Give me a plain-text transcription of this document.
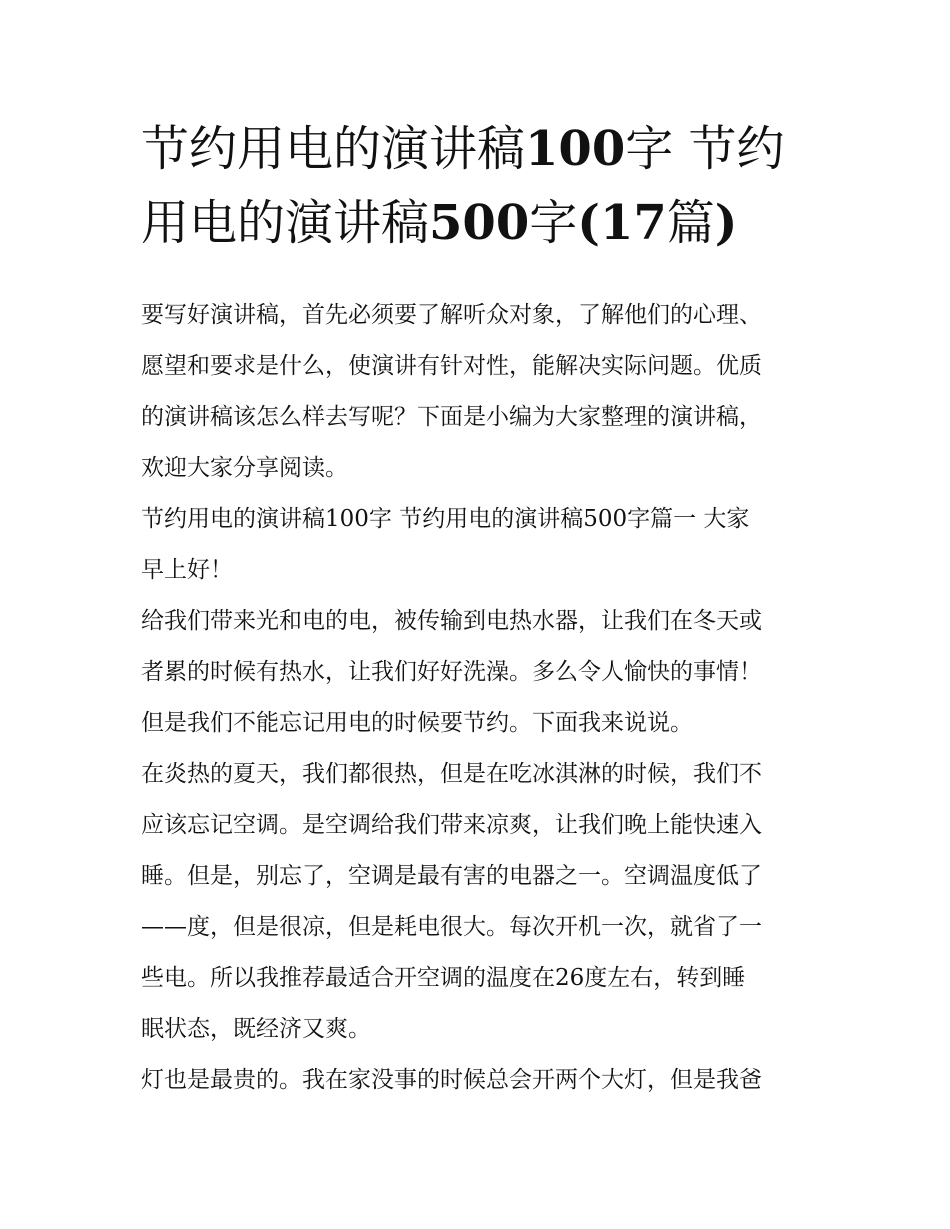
节约用电的演讲稿100字 节约
用电的演讲稿500字(17篇)

要写好演讲稿，首先必须要了解听众对象，了解他们的心理、
愿望和要求是什么，使演讲有针对性，能解决实际问题。优质
的演讲稿该怎么样去写呢？下面是小编为大家整理的演讲稿，
欢迎大家分享阅读。

节约用电的演讲稿100字 节约用电的演讲稿500字篇一 大家
早上好！

给我们带来光和电的电，被传输到电热水器，让我们在冬天或
者累的时候有热水，让我们好好洗澡。多么令人愉快的事情！
但是我们不能忘记用电的时候要节约。下面我来说说。

在炎热的夏天，我们都很热，但是在吃冰淇淋的时候，我们不
应该忘记空调。是空调给我们带来凉爽，让我们晚上能快速入
睡。但是，别忘了，空调是最有害的电器之一。空调温度低了
——度，但是很凉，但是耗电很大。每次开机一次，就省了一
些电。所以我推荐最适合开空调的温度在26度左右，转到睡
眠状态，既经济又爽。

灯也是最贵的。我在家没事的时候总会开两个大灯，但是我爸
